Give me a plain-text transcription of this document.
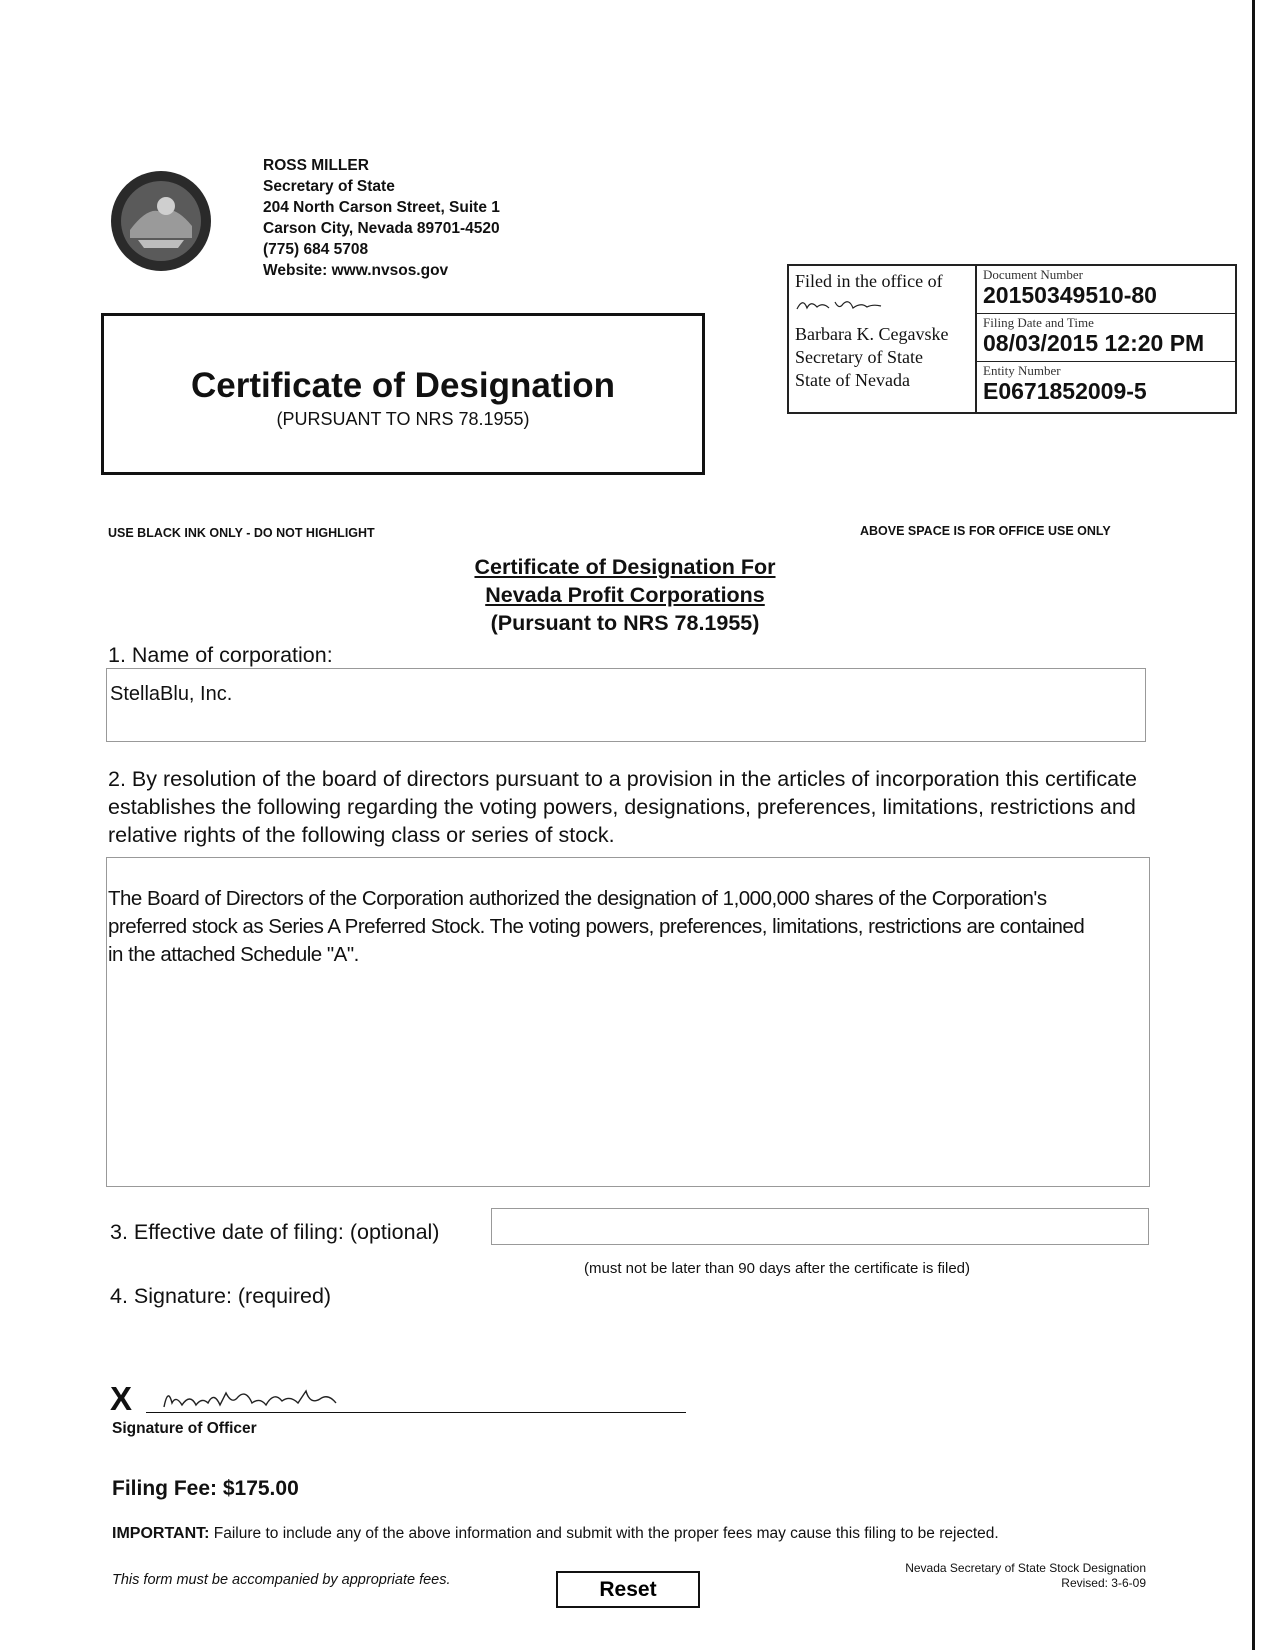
ROSS MILLER
Secretary of State
204 North Carson Street, Suite 1
Carson City, Nevada 89701-4520
(775) 684 5708
Website: www.nvsos.gov
Certificate of Designation
(PURSUANT TO NRS 78.1955)
Filed in the office of
Barbara K. Cegavske
Secretary of State
State of Nevada
Document Number
20150349510-80
Filing Date and Time
08/03/2015 12:20 PM
Entity Number
E0671852009-5
USE BLACK INK ONLY - DO NOT HIGHLIGHT	ABOVE SPACE IS FOR OFFICE USE ONLY
Certificate of Designation For
Nevada Profit Corporations
(Pursuant to NRS 78.1955)
1. Name of corporation:
StellaBlu, Inc.
2. By resolution of the board of directors pursuant to a provision in the articles of incorporation this certificate establishes the following regarding the voting powers, designations, preferences, limitations, restrictions and relative rights of the following class or series of stock.
The Board of Directors of the Corporation authorized the designation of 1,000,000 shares of the Corporation's preferred stock as Series A Preferred Stock. The voting powers, preferences, limitations, restrictions are contained in the attached Schedule "A".
3. Effective date of filing: (optional)
(must not be later than 90 days after the certificate is filed)
4. Signature: (required)
X
Signature of Officer
Filing Fee: $175.00
IMPORTANT: Failure to include any of the above information and submit with the proper fees may cause this filing to be rejected.
This form must be accompanied by appropriate fees.	Reset
Nevada Secretary of State Stock Designation
Revised: 3-6-09
